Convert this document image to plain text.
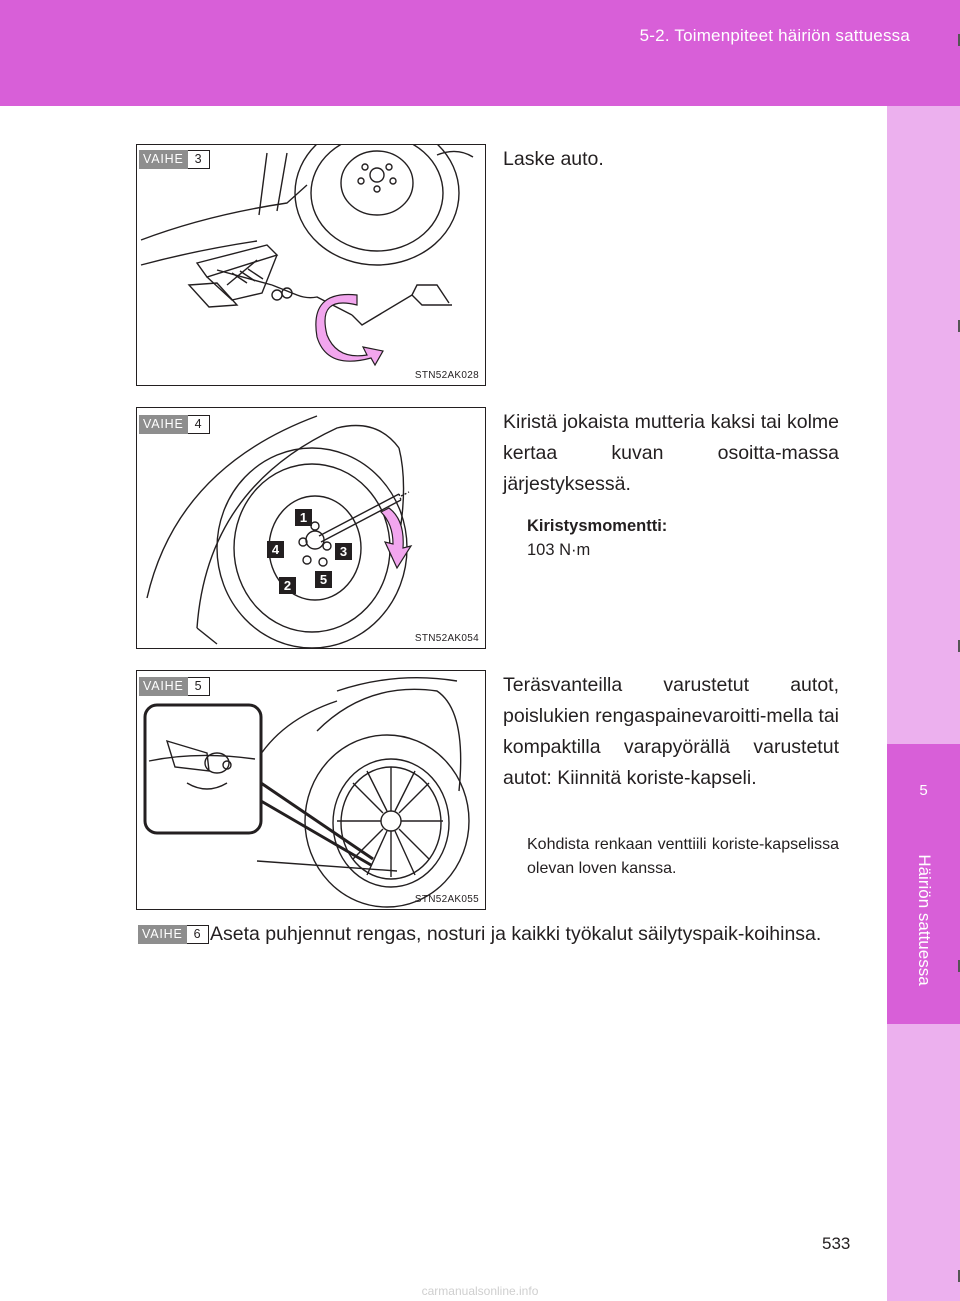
5-2. Toimenpiteet häiriön sattuessa
5
Häiriön sattuessa
VAIHE 3
STN52AK028
Laske auto.
VAIHE 4
1
4	3
5
2
STN52AK054
Kiristä jokaista mutteria kaksi tai kolme kertaa kuvan osoitta-massa järjestyksessä.
Kiristysmomentti:
103 N·m
VAIHE 5
STN52AK055
Teräsvanteilla varustetut autot, poislukien rengaspainevaroitti-mella tai kompaktilla varapyörällä varustetut autot: Kiinnitä koriste-kapseli.
Kohdista renkaan venttiili koriste-kapselissa olevan loven kanssa.
VAIHE 6 Aseta puhjennut rengas, nosturi ja kaikki työkalut säilytyspaik-koihinsa.
533
carmanualsonline.info
